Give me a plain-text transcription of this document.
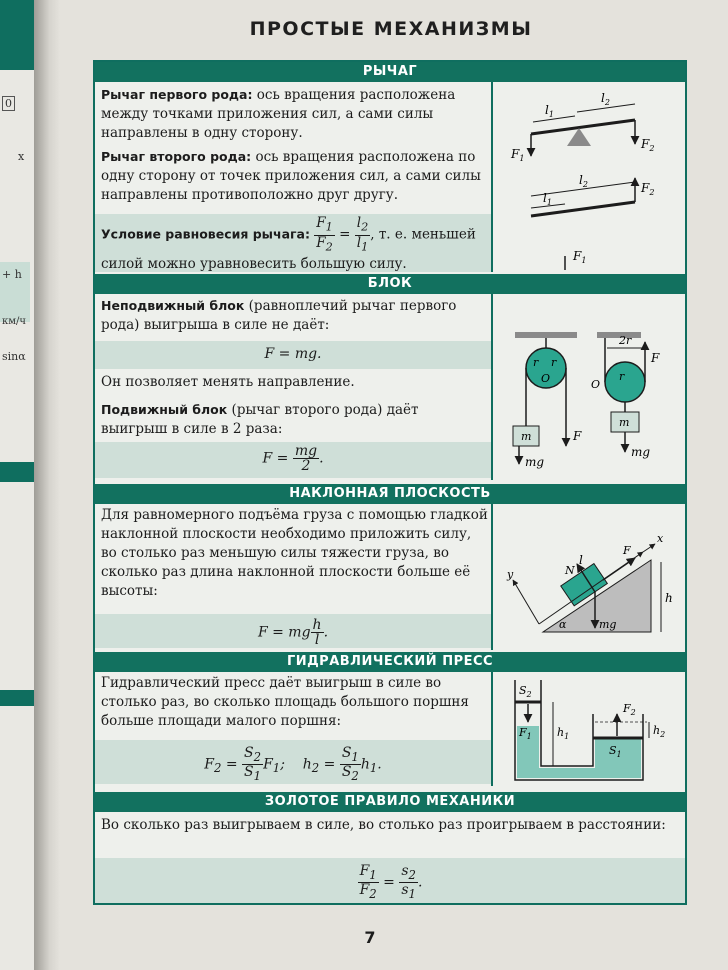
0
x
+ h
км/ч
sinα
ПРОСТЫЕ МЕХАНИЗМЫ
РЫЧАГ
Рычаг первого рода: ось вращения расположена между точками приложения сил, а сами силы направлены в одну сторону.
Рычаг второго рода: ось вращения расположена по одну сторону от точек приложения сил, а сами силы направлены противоположно друг другу.
Условие равновесия рычага: $\frac{F_1}{F_2} = \frac{l_2}{l_1}$ , т. е. меньшей силой можно уравновесить большую силу.
$l_1$
$l_2$
$F_1$
$F_2$
$l_2$
$l_1$
$F_2$
$F_1$
БЛОК
Неподвижный блок (равноплечий рычаг первого рода) выигрыша в силе не даёт:
F = mg.
Он позволяет менять направление.
Подвижный блок (рычаг второго рода) даёт выигрыш в силе в 2 раза:
$F = \frac{mg}{2}$ .
r r
O
m
mg
F
r
O
2r
F
m
mg
НАКЛОННАЯ ПЛОСКОСТЬ
Для равномерного подъёма груза с помощью гладкой наклонной плоскости необходимо приложить силу, во столько раз меньшую силы тяжести груза, во сколько раз длина наклонной плоскости больше её высоты:
F = mg $\frac{h}{l}$ .	α	mg
N
F
l
y
x
h
ГИДРАВЛИЧЕСКИЙ ПРЕСС
Гидравлический пресс даёт выигрыш в силе во столько раз, во сколько площадь большого поршня больше площади малого поршня:
$F_2 = \frac{S_2}{S_1} F_1$;    $h_2 = \frac{S_1}{S_2} h_1$.
$S_2$
$S_1$
$F_1$
$F_2$
$h_1$	$h_2$
ЗОЛОТОЕ ПРАВИЛО МЕХАНИКИ
Во сколько раз выигрываем в силе, во столько раз проигрываем в расстоянии:
$\frac{F_1}{F_2} = \frac{s_2}{s_1}$ .
7
